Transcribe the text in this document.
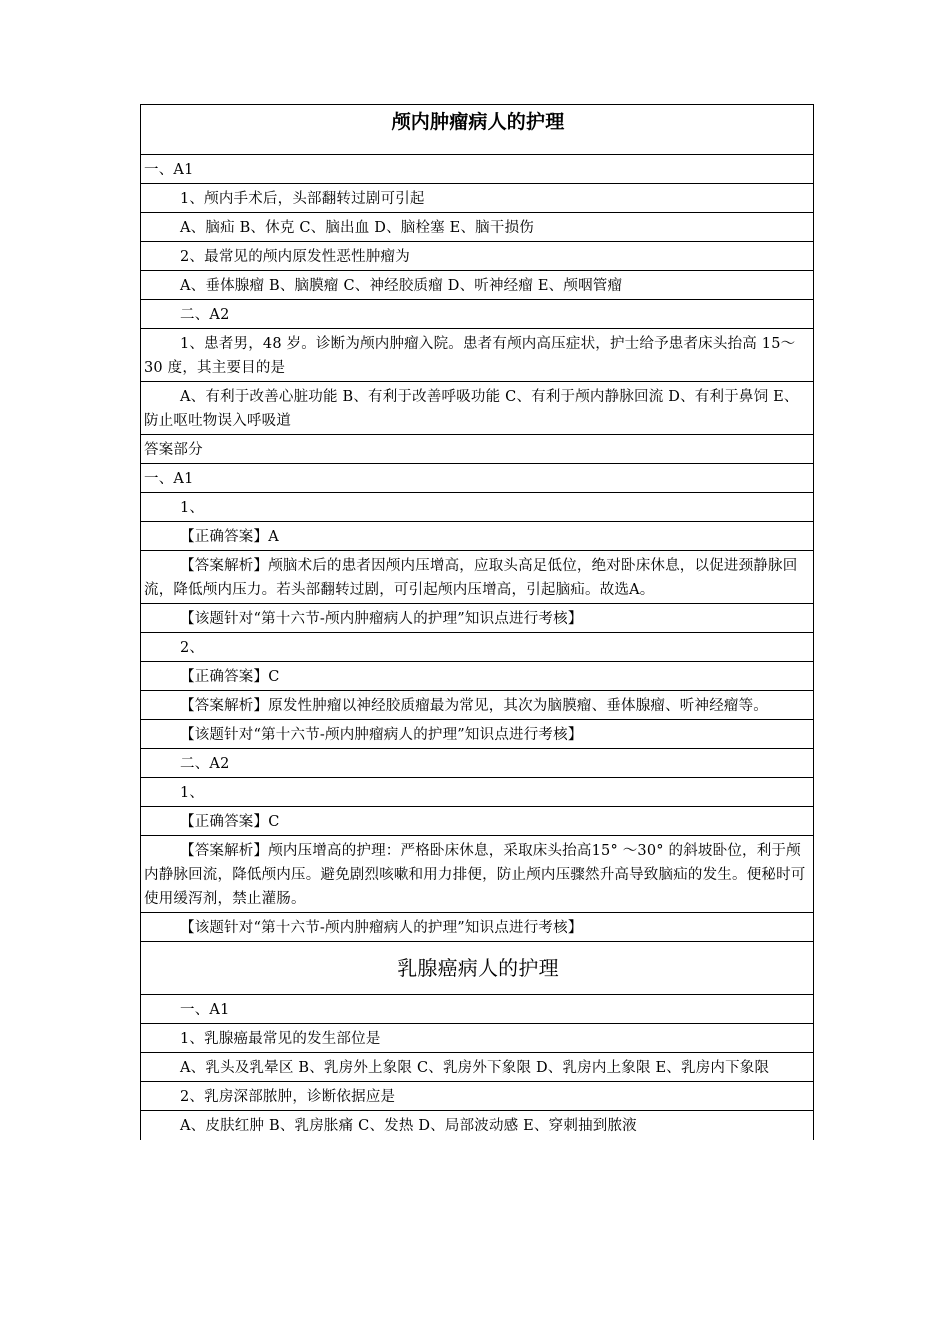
颅内肿瘤病人的护理
一、A1
1、颅内手术后，头部翻转过剧可引起
A、脑疝 B、休克 C、脑出血 D、脑栓塞 E、脑干损伤
2、最常见的颅内原发性恶性肿瘤为
A、垂体腺瘤 B、脑膜瘤 C、神经胶质瘤 D、听神经瘤 E、颅咽管瘤
二、A2
1、患者男，48 岁。诊断为颅内肿瘤入院。患者有颅内高压症状，护士给予患者床头抬高 15～30 度，其主要目的是
A、有利于改善心脏功能 B、有利于改善呼吸功能 C、有利于颅内静脉回流 D、有利于鼻饲 E、防止呕吐物误入呼吸道
答案部分
一、A1
1、
【正确答案】A
【答案解析】颅脑术后的患者因颅内压增高，应取头高足低位，绝对卧床休息，以促进颈静脉回流，降低颅内压力。若头部翻转过剧，可引起颅内压增高，引起脑疝。故选A。
【该题针对“第十六节-颅内肿瘤病人的护理”知识点进行考核】
2、
【正确答案】C
【答案解析】原发性肿瘤以神经胶质瘤最为常见，其次为脑膜瘤、垂体腺瘤、听神经瘤等。
【该题针对“第十六节-颅内肿瘤病人的护理”知识点进行考核】
二、A2
1、
【正确答案】C
【答案解析】颅内压增高的护理：严格卧床休息，采取床头抬高15° ～30° 的斜坡卧位，利于颅内静脉回流，降低颅内压。避免剧烈咳嗽和用力排便，防止颅内压骤然升高导致脑疝的发生。便秘时可使用缓泻剂，禁止灌肠。
【该题针对“第十六节-颅内肿瘤病人的护理”知识点进行考核】
乳腺癌病人的护理
一、A1
1、乳腺癌最常见的发生部位是
A、乳头及乳晕区 B、乳房外上象限 C、乳房外下象限 D、乳房内上象限 E、乳房内下象限
2、乳房深部脓肿，诊断依据应是
A、皮肤红肿 B、乳房胀痛 C、发热 D、局部波动感 E、穿刺抽到脓液
